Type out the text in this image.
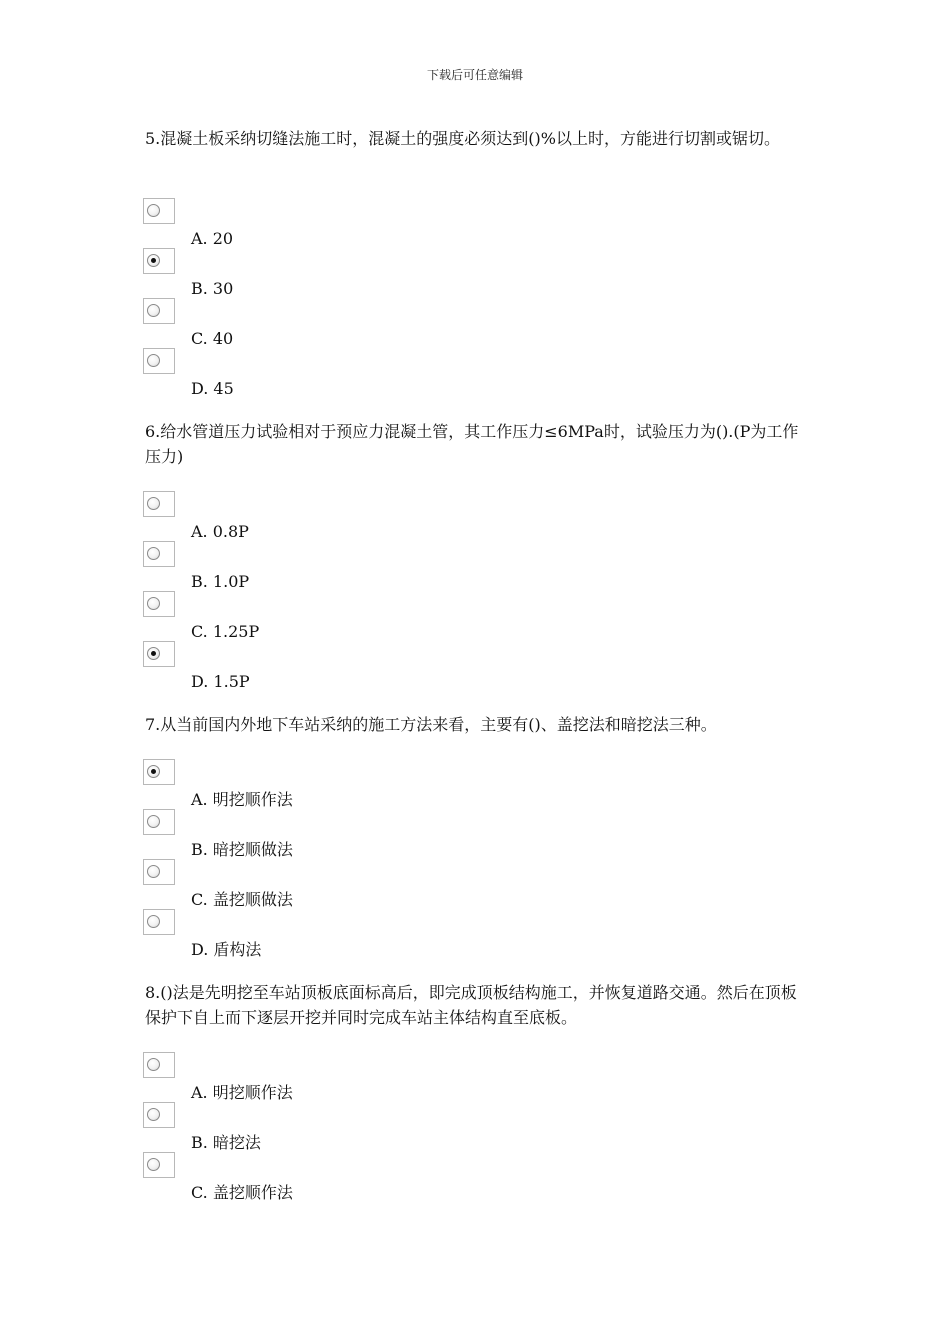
下载后可任意编辑

5.混凝土板采纳切缝法施工时，混凝土的强度必须达到()%以上时，方能进行切割或锯切。

A. 20
B. 30
C. 40
D. 45

6.给水管道压力试验相对于预应力混凝土管，其工作压力≤6MPa时，试验压力为().(P为工作压力)

A. 0.8P
B. 1.0P
C. 1.25P
D. 1.5P

7.从当前国内外地下车站采纳的施工方法来看，主要有()、盖挖法和暗挖法三种。

A. 明挖顺作法
B. 暗挖顺做法
C. 盖挖顺做法
D. 盾构法

8.()法是先明挖至车站顶板底面标高后，即完成顶板结构施工，并恢复道路交通。然后在顶板保护下自上而下逐层开挖并同时完成车站主体结构直至底板。

A. 明挖顺作法
B. 暗挖法
C. 盖挖顺作法
